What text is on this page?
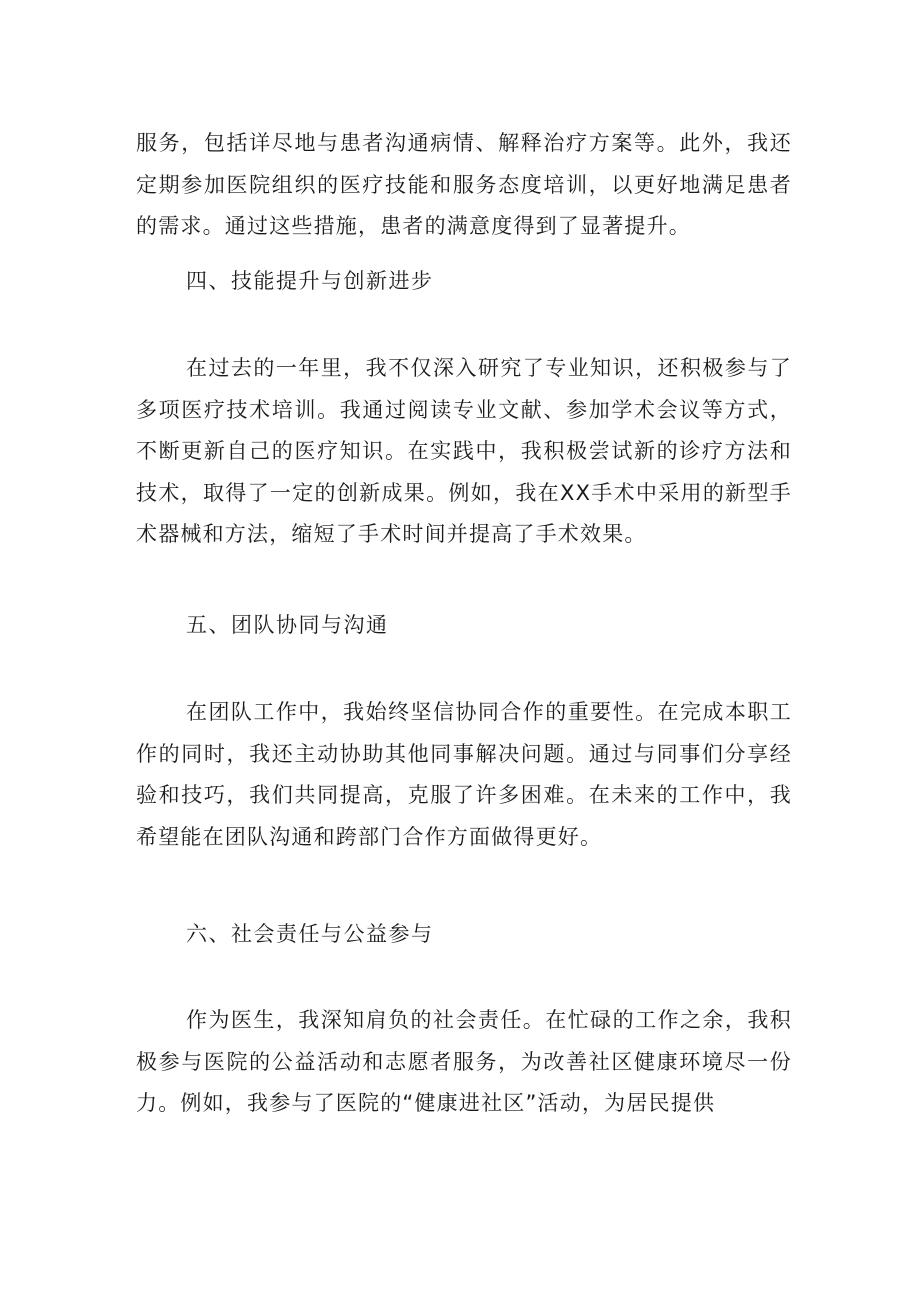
服务，包括详尽地与患者沟通病情、解释治疗方案等。此外，我还定期参加医院组织的医疗技能和服务态度培训，以更好地满足患者的需求。通过这些措施，患者的满意度得到了显著提升。
四、技能提升与创新进步
在过去的一年里，我不仅深入研究了专业知识，还积极参与了多项医疗技术培训。我通过阅读专业文献、参加学术会议等方式，不断更新自己的医疗知识。在实践中，我积极尝试新的诊疗方法和技术，取得了一定的创新成果。例如，我在XX手术中采用的新型手术器械和方法，缩短了手术时间并提高了手术效果。
五、团队协同与沟通
在团队工作中，我始终坚信协同合作的重要性。在完成本职工作的同时，我还主动协助其他同事解决问题。通过与同事们分享经验和技巧，我们共同提高，克服了许多困难。在未来的工作中，我希望能在团队沟通和跨部门合作方面做得更好。
六、社会责任与公益参与
作为医生，我深知肩负的社会责任。在忙碌的工作之余，我积极参与医院的公益活动和志愿者服务，为改善社区健康环境尽一份力。例如，我参与了医院的“健康进社区”活动，为居民提供
